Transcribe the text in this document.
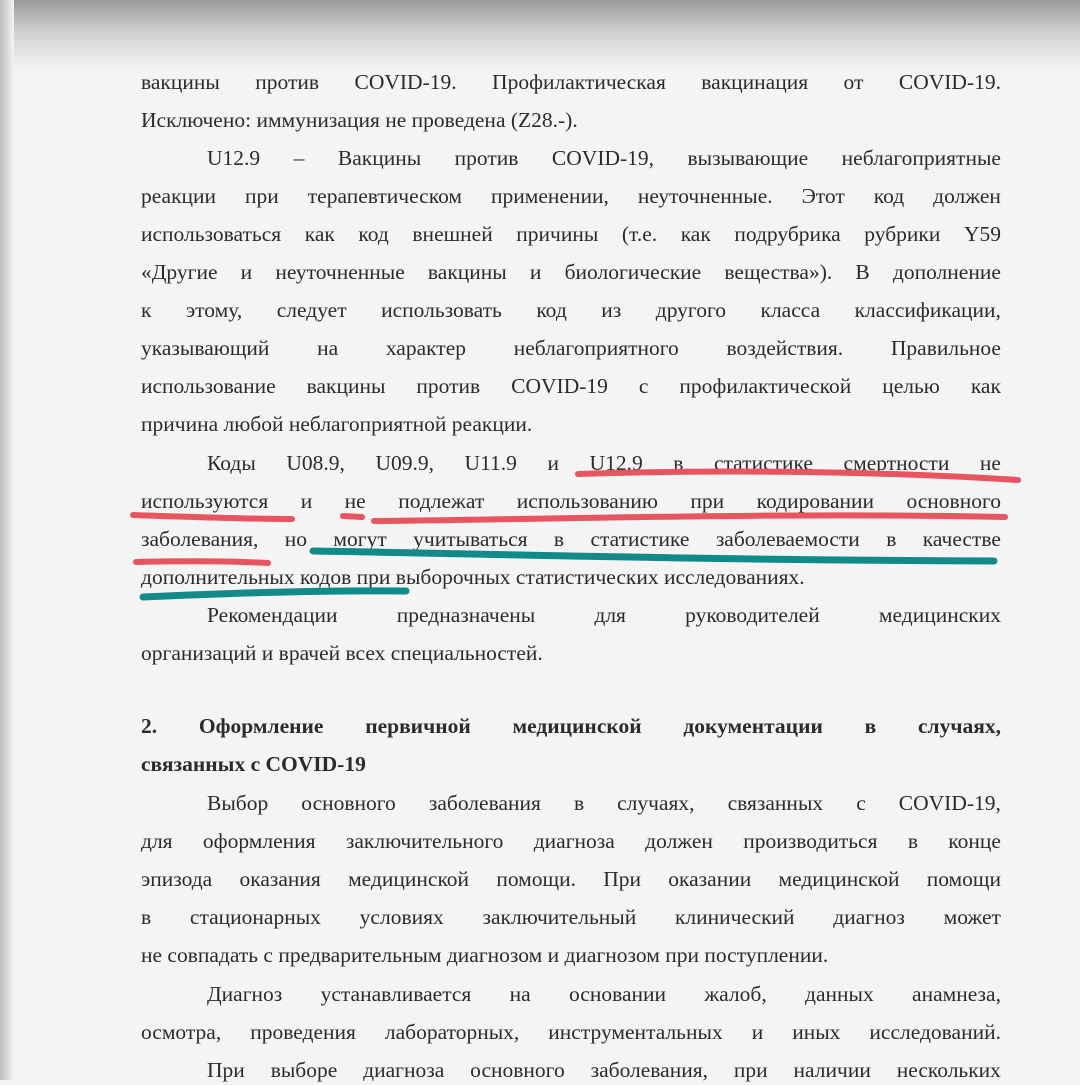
вакцины против COVID-19. Профилактическая вакцинация от COVID-19.
Исключено: иммунизация не проведена (Z28.-).
U12.9 – Вакцины против COVID-19, вызывающие неблагоприятные
реакции при терапевтическом применении, неуточненные. Этот код должен
использоваться как код внешней причины (т.е. как подрубрика рубрики Y59
«Другие и неуточненные вакцины и биологические вещества»). В дополнение
к этому, следует использовать код из другого класса классификации,
указывающий на характер неблагоприятного воздействия. Правильное
использование вакцины против COVID-19 с профилактической целью как
причина любой неблагоприятной реакции.
Коды U08.9, U09.9, U11.9 и U12.9 в статистике смертности не
используются и не подлежат использованию при кодировании основного
заболевания, но могут учитываться в статистике заболеваемости в качестве
дополнительных кодов при выборочных статистических исследованиях.
Рекомендации	предназначены	для	руководителей	медицинских
организаций и врачей всех специальностей.
2. Оформление первичной медицинской документации в случаях,
связанных с COVID-19
Выбор основного заболевания в случаях, связанных с COVID-19,
для оформления заключительного диагноза должен производиться в конце
эпизода оказания медицинской помощи. При оказании медицинской помощи
в стационарных условиях заключительный клинический диагноз может
не совпадать с предварительным диагнозом и диагнозом при поступлении.
Диагноз устанавливается на основании жалоб, данных анамнеза,
осмотра, проведения лабораторных, инструментальных и иных исследований.
При выборе диагноза основного заболевания, при наличии нескольких
